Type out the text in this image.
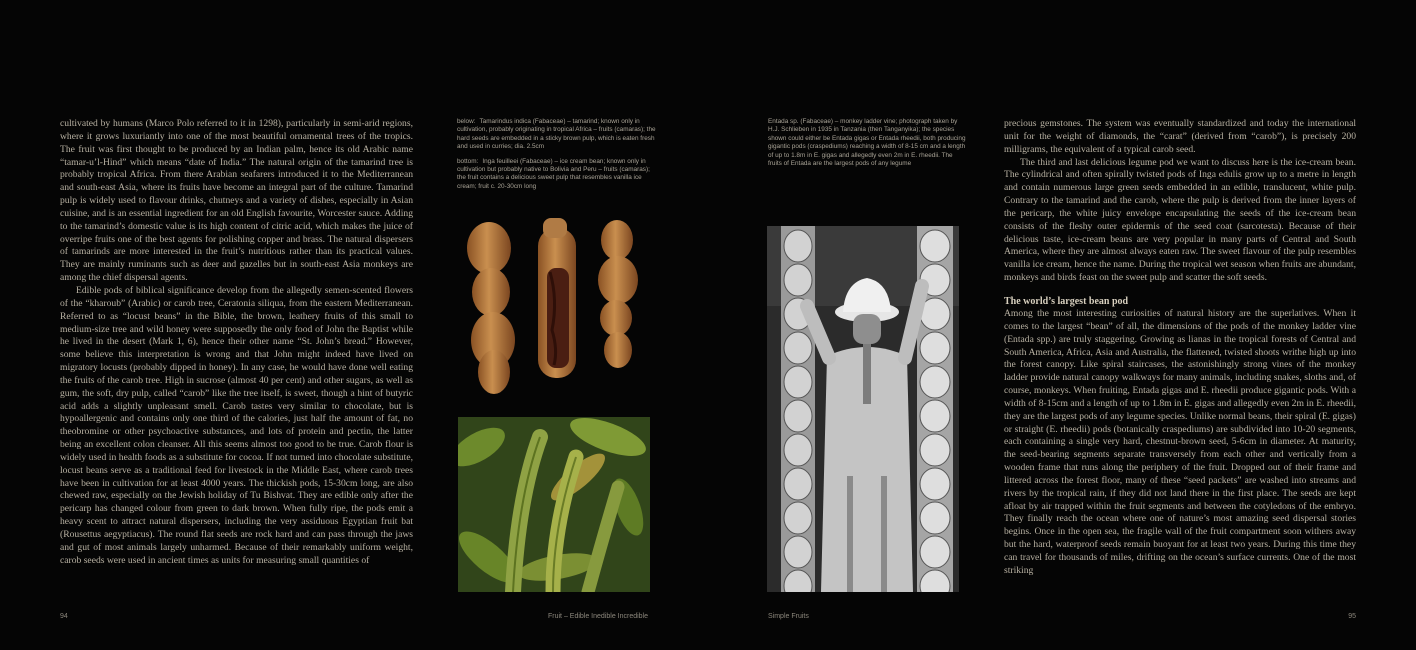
cultivated by humans (Marco Polo referred to it in 1298), particularly in semi-arid regions, where it grows luxuriantly into one of the most beautiful ornamental trees of the tropics. The fruit was first thought to be produced by an Indian palm, hence its old Arabic name “tamar-u’l-Hind” which means “date of India.” The natural origin of the tamarind tree is probably tropical Africa. From there Arabian seafarers introduced it to the Mediterranean and south-east Asia, where its fruits have become an integral part of the culture. Tamarind pulp is widely used to flavour drinks, chutneys and a variety of dishes, especially in Asian cuisine, and is an essential ingredient for an old English favourite, Worcester sauce. Adding to the tamarind’s domestic value is its high content of citric acid, which makes the juice of overripe fruits one of the best agents for polishing copper and brass. The natural dispersers of tamarinds are more interested in the fruit’s nutritious rather than its practical values. They are mainly ruminants such as deer and gazelles but in south-east Asia monkeys are among the chief dispersal agents.

Edible pods of biblical significance develop from the allegedly semen-scented flowers of the “kharoub” (Arabic) or carob tree, Ceratonia siliqua, from the eastern Mediterranean. Referred to as “locust beans” in the Bible, the brown, leathery fruits of this small to medium-size tree and wild honey were supposedly the only food of John the Baptist while he lived in the desert (Mark 1, 6), hence their other name “St. John’s bread.” However, some believe this interpretation is wrong and that John might indeed have lived on migratory locusts (probably dipped in honey). In any case, he would have done well eating the fruits of the carob tree. High in sucrose (almost 40 per cent) and other sugars, as well as gum, the soft, dry pulp, called “carob” like the tree itself, is sweet, though a hint of butyric acid adds a slightly unpleasant smell. Carob tastes very similar to chocolate, but is hypoallergenic and contains only one third of the calories, just half the amount of fat, no theobromine or other psychoactive substances, and lots of protein and pectin, the latter being an excellent colon cleanser. All this seems almost too good to be true. Carob flour is widely used in health foods as a substitute for cocoa. If not turned into chocolate substitute, locust beans serve as a traditional feed for livestock in the Middle East, where carob trees have been in cultivation for at least 4000 years. The thickish pods, 15-30cm long, are also chewed raw, especially on the Jewish holiday of Tu Bishvat. They are edible only after the pericarp has changed colour from green to dark brown. When fully ripe, the pods emit a heavy scent to attract natural dispersers, including the very assiduous Egyptian fruit bat (Rousettus aegyptiacus). The round flat seeds are rock hard and can pass through the jaws and gut of most animals largely unharmed. Because of their remarkably uniform weight, carob seeds were used in ancient times as units for measuring small quantities of

below: Tamarindus indica (Fabaceae) – tamarind; known only in cultivation, probably originating in tropical Africa – fruits (camaras); the hard seeds are embedded in a sticky brown pulp, which is eaten fresh and used in curries; dia. 2.5cm

bottom: Inga feuilleei (Fabaceae) – ice cream bean; known only in cultivation but probably native to Bolivia and Peru – fruits (camaras); the fruit contains a delicious sweet pulp that resembles vanilla ice cream; fruit c. 20-30cm long

94	Fruit – Edible Inedible Incredible
Entada sp. (Fabaceae) – monkey ladder vine; photograph taken by H.J. Schlieben in 1935 in Tanzania (then Tanganyika); the species shown could either be Entada gigas or Entada rheedii, both producing gigantic pods (craspediums) reaching a width of 8-15 cm and a length of up to 1.8m in E. gigas and allegedly even 2m in E. rheedii. The fruits of Entada are the largest pods of any legume

precious gemstones. The system was eventually standardized and today the international unit for the weight of diamonds, the “carat” (derived from “carob”), is precisely 200 milligrams, the equivalent of a typical carob seed.

The third and last delicious legume pod we want to discuss here is the ice-cream bean. The cylindrical and often spirally twisted pods of Inga edulis grow up to a metre in length and contain numerous large green seeds embedded in an edible, translucent, white pulp. Contrary to the tamarind and the carob, where the pulp is derived from the inner layers of the pericarp, the white juicy envelope encapsulating the seeds of the ice-cream bean consists of the fleshy outer epidermis of the seed coat (sarcotesta). Because of their delicious taste, ice-cream beans are very popular in many parts of Central and South America, where they are almost always eaten raw. The sweet flavour of the pulp resembles vanilla ice cream, hence the name. During the tropical wet season when fruits are abundant, monkeys and birds feast on the sweet pulp and scatter the soft seeds.

The world’s largest bean pod

Among the most interesting curiosities of natural history are the superlatives. When it comes to the largest “bean” of all, the dimensions of the pods of the monkey ladder vine (Entada spp.) are truly staggering. Growing as lianas in the tropical forests of Central and South America, Africa, Asia and Australia, the flattened, twisted shoots writhe high up into the forest canopy. Like spiral staircases, the astonishingly strong vines of the monkey ladder provide natural canopy walkways for many animals, including snakes, sloths and, of course, monkeys. When fruiting, Entada gigas and E. rheedii produce gigantic pods. With a width of 8-15cm and a length of up to 1.8m in E. gigas and allegedly even 2m in E. rheedii, they are the largest pods of any legume species. Unlike normal beans, their spiral (E. gigas) or straight (E. rheedii) pods (botanically craspediums) are subdivided into 10-20 segments, each containing a single very hard, chestnut-brown seed, 5-6cm in diameter. At maturity, the seed-bearing segments separate transversely from each other and vertically from a wooden frame that runs along the periphery of the fruit. Dropped out of their frame and littered across the forest floor, many of these “seed packets” are washed into streams and rivers by the tropical rain, if they did not land there in the first place. The seeds are kept afloat by air trapped within the fruit segments and between the cotyledons of the embryo. They finally reach the ocean where one of nature’s most amazing seed dispersal stories begins. Once in the open sea, the fragile wall of the fruit compartment soon withers away but the hard, waterproof seeds remain buoyant for at least two years. During this time they can travel for thousands of miles, drifting on the ocean’s surface currents. One of the most striking

Simple Fruits	95
